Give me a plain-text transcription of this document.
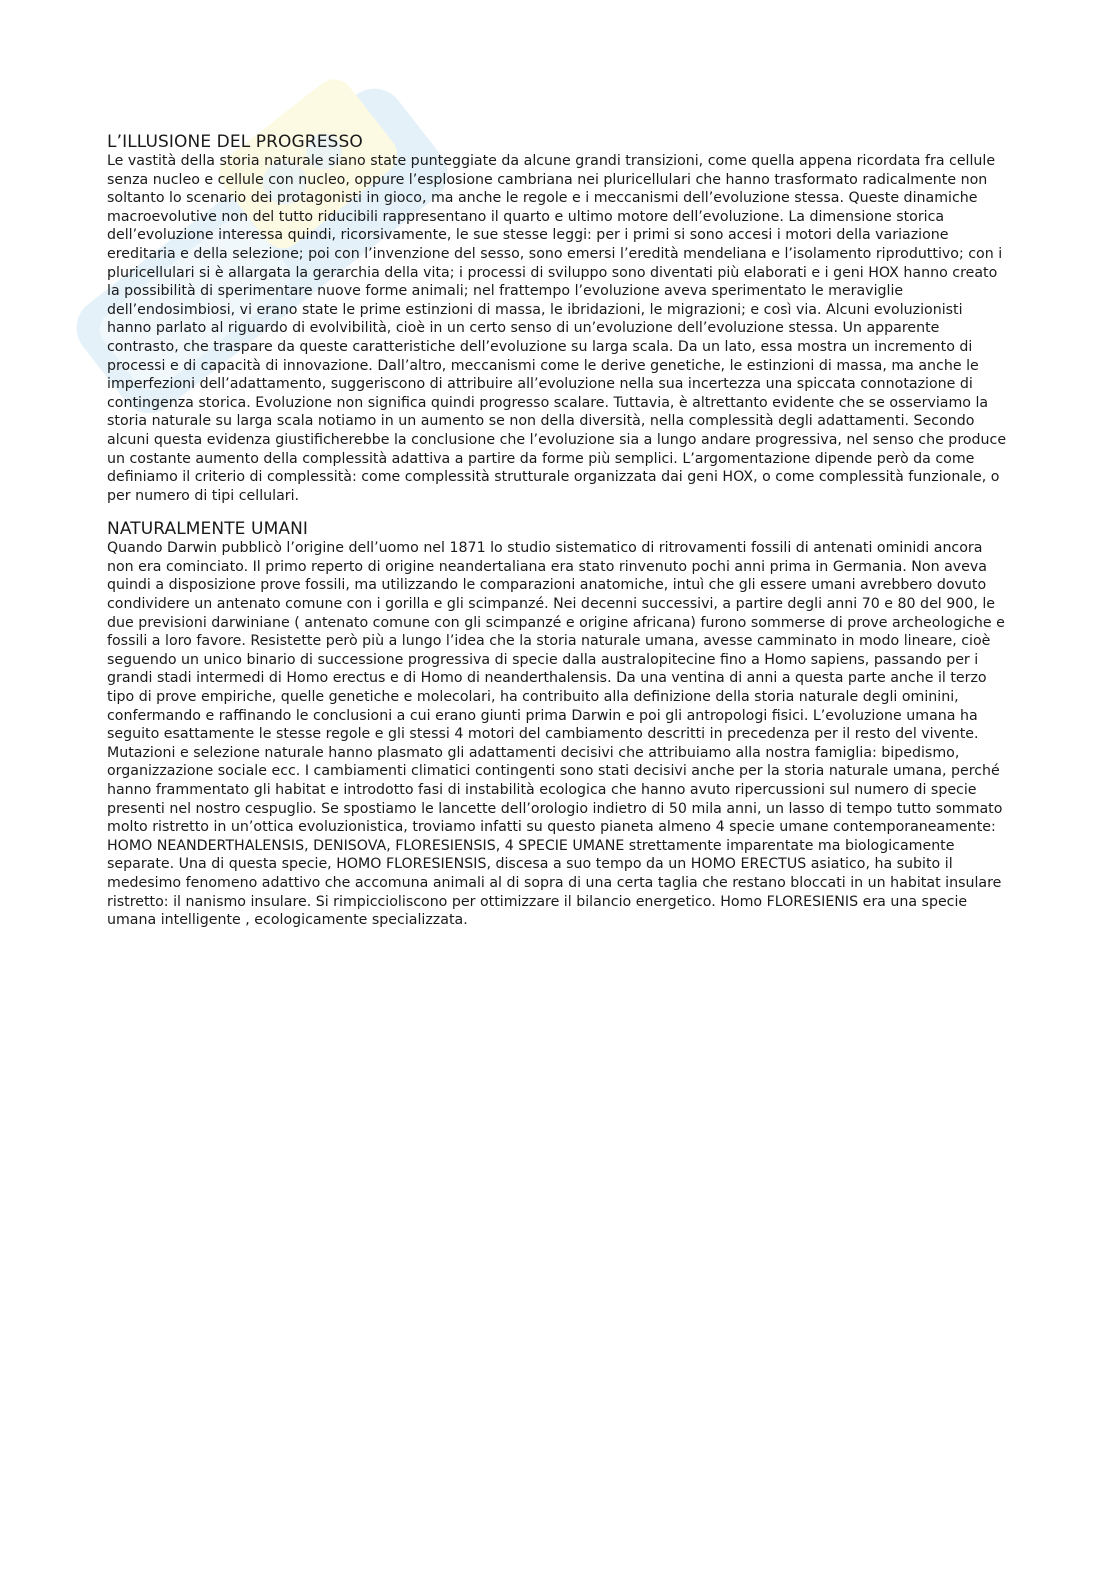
L’ILLUSIONE DEL PROGRESSO

Le vastità della storia naturale siano state punteggiate da alcune grandi transizioni, come quella appena ricordata fra cellule senza nucleo e cellule con nucleo, oppure l’esplosione cambriana nei pluricellulari che hanno trasformato radicalmente non soltanto lo scenario dei protagonisti in gioco, ma anche le regole e i meccanismi dell’evoluzione stessa. Queste dinamiche macroevolutive non del tutto riducibili rappresentano il quarto e ultimo motore dell’evoluzione. La dimensione storica dell’evoluzione interessa quindi, ricorsivamente, le sue stesse leggi: per i primi si sono accesi i motori della variazione ereditaria e della selezione; poi con l’invenzione del sesso, sono emersi l’eredità mendeliana e l’isolamento riproduttivo; con i pluricellulari si è allargata la gerarchia della vita; i processi di sviluppo sono diventati più elaborati e i geni HOX hanno creato la possibilità di sperimentare nuove forme animali; nel frattempo l’evoluzione aveva sperimentato le meraviglie dell’endosimbiosi, vi erano state le prime estinzioni di massa, le ibridazioni, le migrazioni; e così via. Alcuni evoluzionisti hanno parlato al riguardo di evolvibilità, cioè in un certo senso di un’evoluzione dell’evoluzione stessa. Un apparente contrasto, che traspare da queste caratteristiche dell’evoluzione su larga scala. Da un lato, essa mostra un incremento di processi e di capacità di innovazione. Dall’altro, meccanismi come le derive genetiche, le estinzioni di massa, ma anche le imperfezioni dell’adattamento, suggeriscono di attribuire all’evoluzione nella sua incertezza una spiccata connotazione di contingenza storica. Evoluzione non significa quindi progresso scalare. Tuttavia, è altrettanto evidente che se osserviamo la storia naturale su larga scala notiamo in un aumento se non della diversità, nella complessità degli adattamenti. Secondo alcuni questa evidenza giustificherebbe la conclusione che l’evoluzione sia a lungo andare progressiva, nel senso che produce un costante aumento della complessità adattiva a partire da forme più semplici. L’argomentazione dipende però da come definiamo il criterio di complessità: come complessità strutturale organizzata dai geni HOX, o come complessità funzionale, o per numero di tipi cellulari.

NATURALMENTE UMANI

Quando Darwin pubblicò l’origine dell’uomo nel 1871 lo studio sistematico di ritrovamenti fossili di antenati ominidi ancora non era cominciato. Il primo reperto di origine neandertaliana era stato rinvenuto pochi anni prima in Germania. Non aveva quindi a disposizione prove fossili, ma utilizzando le comparazioni anatomiche, intuì che gli essere umani avrebbero dovuto condividere un antenato comune con i gorilla e gli scimpanzé. Nei decenni successivi, a partire degli anni 70 e 80 del 900, le due previsioni darwiniane ( antenato comune con gli scimpanzé e origine africana) furono sommerse di prove archeologiche e fossili a loro favore. Resistette però più a lungo l’idea che la storia naturale umana, avesse camminato in modo lineare, cioè seguendo un unico binario di successione progressiva di specie dalla australopitecine fino a Homo sapiens, passando per i grandi stadi intermedi di Homo erectus e di Homo di neanderthalensis. Da una ventina di anni a questa parte anche il terzo tipo di prove empiriche, quelle genetiche e molecolari, ha contribuito alla definizione della storia naturale degli ominini, confermando e raffinando le conclusioni a cui erano giunti prima Darwin e poi gli antropologi fisici. L’evoluzione umana ha seguito esattamente le stesse regole e gli stessi 4 motori del cambiamento descritti in precedenza per il resto del vivente. Mutazioni e selezione naturale hanno plasmato gli adattamenti decisivi che attribuiamo alla nostra famiglia: bipedismo, organizzazione sociale ecc. I cambiamenti climatici contingenti sono stati decisivi anche per la storia naturale umana, perché hanno frammentato gli habitat e introdotto fasi di instabilità ecologica che hanno avuto ripercussioni sul numero di specie presenti nel nostro cespuglio. Se spostiamo le lancette dell’orologio indietro di 50 mila anni, un lasso di tempo tutto sommato molto ristretto in un’ottica evoluzionistica, troviamo infatti su questo pianeta almeno 4 specie umane contemporaneamente: HOMO NEANDERTHALENSIS, DENISOVA, FLORESIENSIS, 4 SPECIE UMANE strettamente imparentate ma biologicamente separate. Una di questa specie, HOMO FLORESIENSIS, discesa a suo tempo da un HOMO ERECTUS asiatico, ha subito il medesimo fenomeno adattivo che accomuna animali al di sopra di una certa taglia che restano bloccati in un habitat insulare ristretto: il nanismo insulare. Si rimpiccioliscono per ottimizzare il bilancio energetico. Homo FLORESIENIS era una specie umana intelligente , ecologicamente specializzata.
